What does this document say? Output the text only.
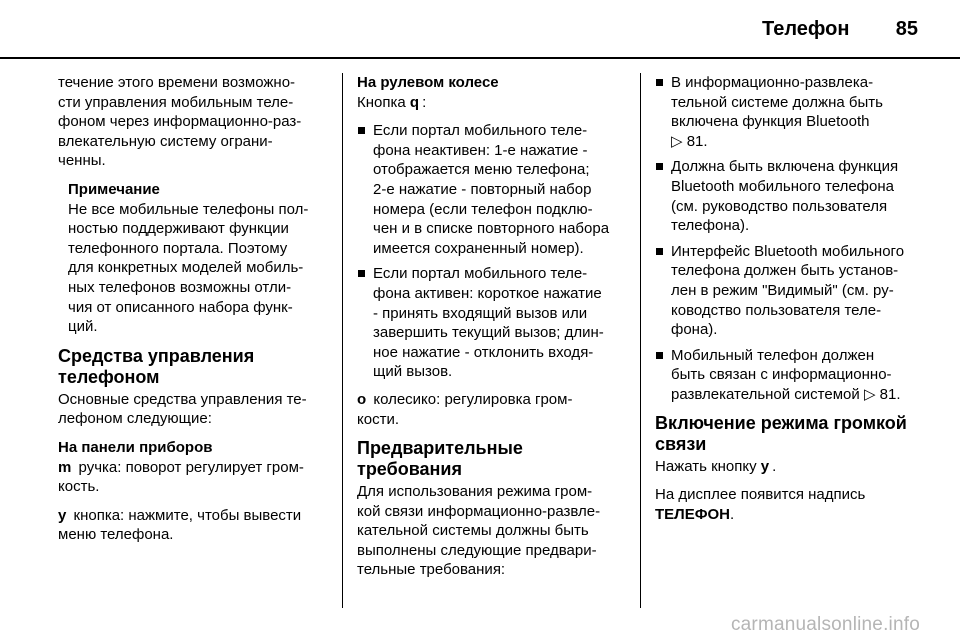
Телефон 85

течение этого времени возможно-
сти управления мобильным теле-
фоном через информационно-раз-
влекательную систему ограни-
ченны.

Примечание
Не все мобильные телефоны пол-
ностью поддерживают функции
телефонного портала. Поэтому
для конкретных моделей мобиль-
ных телефонов возможны отли-
чия от описанного набора функ-
ций.
Средства управления
телефоном

Основные средства управления те-
лефоном следующие:

На панели приборов

m ручка: поворот регулирует гром-
кость.

y кнопка: нажмите, чтобы вывести
меню телефона.

На рулевом колесе

Кнопка q :

Если портал мобильного теле-
фона неактивен: 1-е нажатие -
отображается меню телефона;
2-е нажатие - повторный набор
номера (если телефон подклю-
чен и в списке повторного набора
имеется сохраненный номер).
Если портал мобильного теле-
фона активен: короткое нажатие
- принять входящий вызов или
завершить текущий вызов; длин-
ное нажатие - отклонить входя-
щий вызов.

o колесико: регулировка гром-
кости.

Предварительные
требования

Для использования режима гром-
кой связи информационно-развле-
кательной системы должны быть
выполнены следующие предвари-
тельные требования:

В информационно-развлека-
тельной системе должна быть
включена функция Bluetooth
▷ 81.
Должна быть включена функция
Bluetooth мобильного телефона
(см. руководство пользователя
телефона).
Интерфейс Bluetooth мобильного
телефона должен быть установ-
лен в режим "Видимый" (см. ру-
ководство пользователя теле-
фона).
Мобильный телефон должен
быть связан с информационно-
развлекательной системой ▷ 81.
Включение режима громкой
связи

Нажать кнопку y .

На дисплее появится надпись
ТЕЛЕФОН.

carmanualsonline.info
